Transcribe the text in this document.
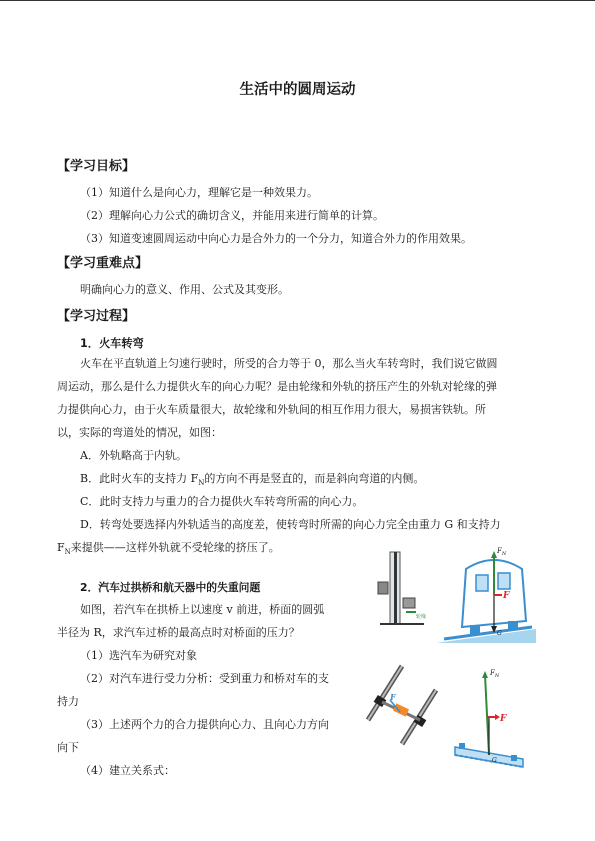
生活中的圆周运动
【学习目标】
（1）知道什么是向心力，理解它是一种效果力。
（2）理解向心力公式的确切含义，并能用来进行简单的计算。
（3）知道变速圆周运动中向心力是合外力的一个分力，知道合外力的作用效果。
【学习重难点】
明确向心力的意义、作用、公式及其变形。
【学习过程】
1．火车转弯
火车在平直轨道上匀速行驶时，所受的合力等于 0，那么当火车转弯时，我们说它做圆
周运动，那么是什么力提供火车的向心力呢？是由轮缘和外轨的挤压产生的外轨对轮缘的弹
力提供向心力，由于火车质量很大，故轮缘和外轨间的相互作用力很大，易损害铁轨。所
以，实际的弯道处的情况，如图：
A．外轨略高于内轨。
B．此时火车的支持力 $F_N$的方向不再是竖直的，而是斜向弯道的内侧。
C．此时支持力与重力的合力提供火车转弯所需的向心力。
D．转弯处要选择内外轨适当的高度差，使转弯时所需的向心力完全由重力 G 和支持力
$F_N$来提供——这样外轨就不受轮缘的挤压了。
2．汽车过拱桥和航天器中的失重问题
如图，若汽车在拱桥上以速度 v 前进，桥面的圆弧
半径为 R，求汽车过桥的最高点时对桥面的压力？
（1）选汽车为研究对象
（2）对汽车进行受力分析：受到重力和桥对车的支
持力
（3）上述两个力的合力提供向心力、且向心力方向
向下
（4）建立关系式：
轮缘
$F_N$
F
G
F
$F_N$
F
G
